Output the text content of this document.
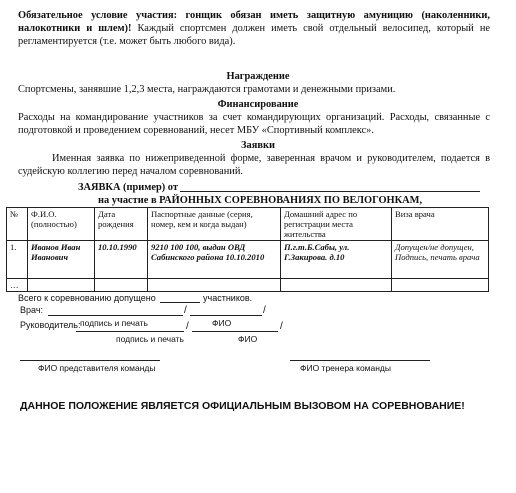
Обязательное условие участия: гонщик обязан иметь защитную амуницию (наколенники, налокотники и шлем)! Каждый спортсмен должен иметь свой отдельный велосипед, который не регламентируется (т.е. может быть любого вида).
Награждение
Спортсмены, занявшие 1,2,3 места, награждаются грамотами и денежными призами.
Финансирование
Расходы на командирование участников за счет командирующих организаций. Расходы, связанные с подготовкой и проведением соревнований, несет МБУ «Спортивный комплекс».
Заявки
Именная заявка по нижеприведенной форме, заверенная врачом и руководителем, подается в судейскую коллегию перед началом соревнований.
ЗАЯВКА (пример) от
на участие в РАЙОННЫХ СОРЕВНОВАНИЯХ ПО ВЕЛОГОНКАМ,
№	Ф.И.О. (полностью)	Дата рождения	Паспортные данные (серия, номер, кем и когда выдан)	Домашний адрес по регистрации места жительства	Виза врача
1.	Иванов Иван Иванович	10.10.1990	9210 100 100, выдан ОВД Сабинского района 10.10.2010	П.г.т.Б.Сабы, ул. Г.Закирова. д.10	Допущен/не допущен, Подпись, печать врача
…					
Всего к соревнованию допущено	участников.
Врач:	/	/
подпись и печать	ФИО
Руководитель:	/	/
подпись и печать	ФИО
ФИО представителя команды	ФИО тренера команды
ДАННОЕ ПОЛОЖЕНИЕ ЯВЛЯЕТСЯ ОФИЦИАЛЬНЫМ ВЫЗОВОМ НА СОРЕВНОВАНИЕ!
